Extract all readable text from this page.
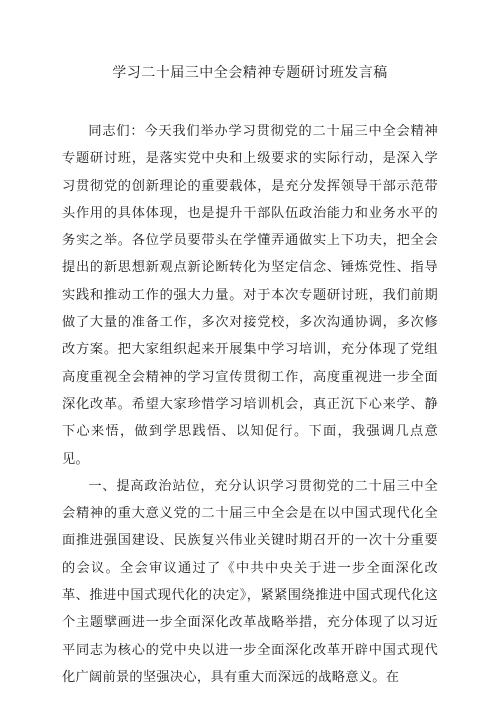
学习二十届三中全会精神专题研讨班发言稿

同志们：今天我们举办学习贯彻党的二十届三中全会精神专题研讨班，是落实党中央和上级要求的实际行动，是深入学习贯彻党的创新理论的重要载体，是充分发挥领导干部示范带头作用的具体体现，也是提升干部队伍政治能力和业务水平的务实之举。各位学员要带头在学懂弄通做实上下功夫，把全会提出的新思想新观点新论断转化为坚定信念、锤炼党性、指导实践和推动工作的强大力量。对于本次专题研讨班，我们前期做了大量的准备工作，多次对接党校，多次沟通协调，多次修改方案。把大家组织起来开展集中学习培训，充分体现了党组高度重视全会精神的学习宣传贯彻工作，高度重视进一步全面深化改革。希望大家珍惜学习培训机会，真正沉下心来学、静下心来悟，做到学思践悟、以知促行。下面，我强调几点意见。

一、提高政治站位，充分认识学习贯彻党的二十届三中全会精神的重大意义党的二十届三中全会是在以中国式现代化全面推进强国建设、民族复兴伟业关键时期召开的一次十分重要的会议。全会审议通过了《中共中央关于进一步全面深化改革、推进中国式现代化的决定》，紧紧围绕推进中国式现代化这个主题擘画进一步全面深化改革战略举措，充分体现了以习近平同志为核心的党中央以进一步全面深化改革开辟中国式现代化广阔前景的坚强决心，具有重大而深远的战略意义。在
